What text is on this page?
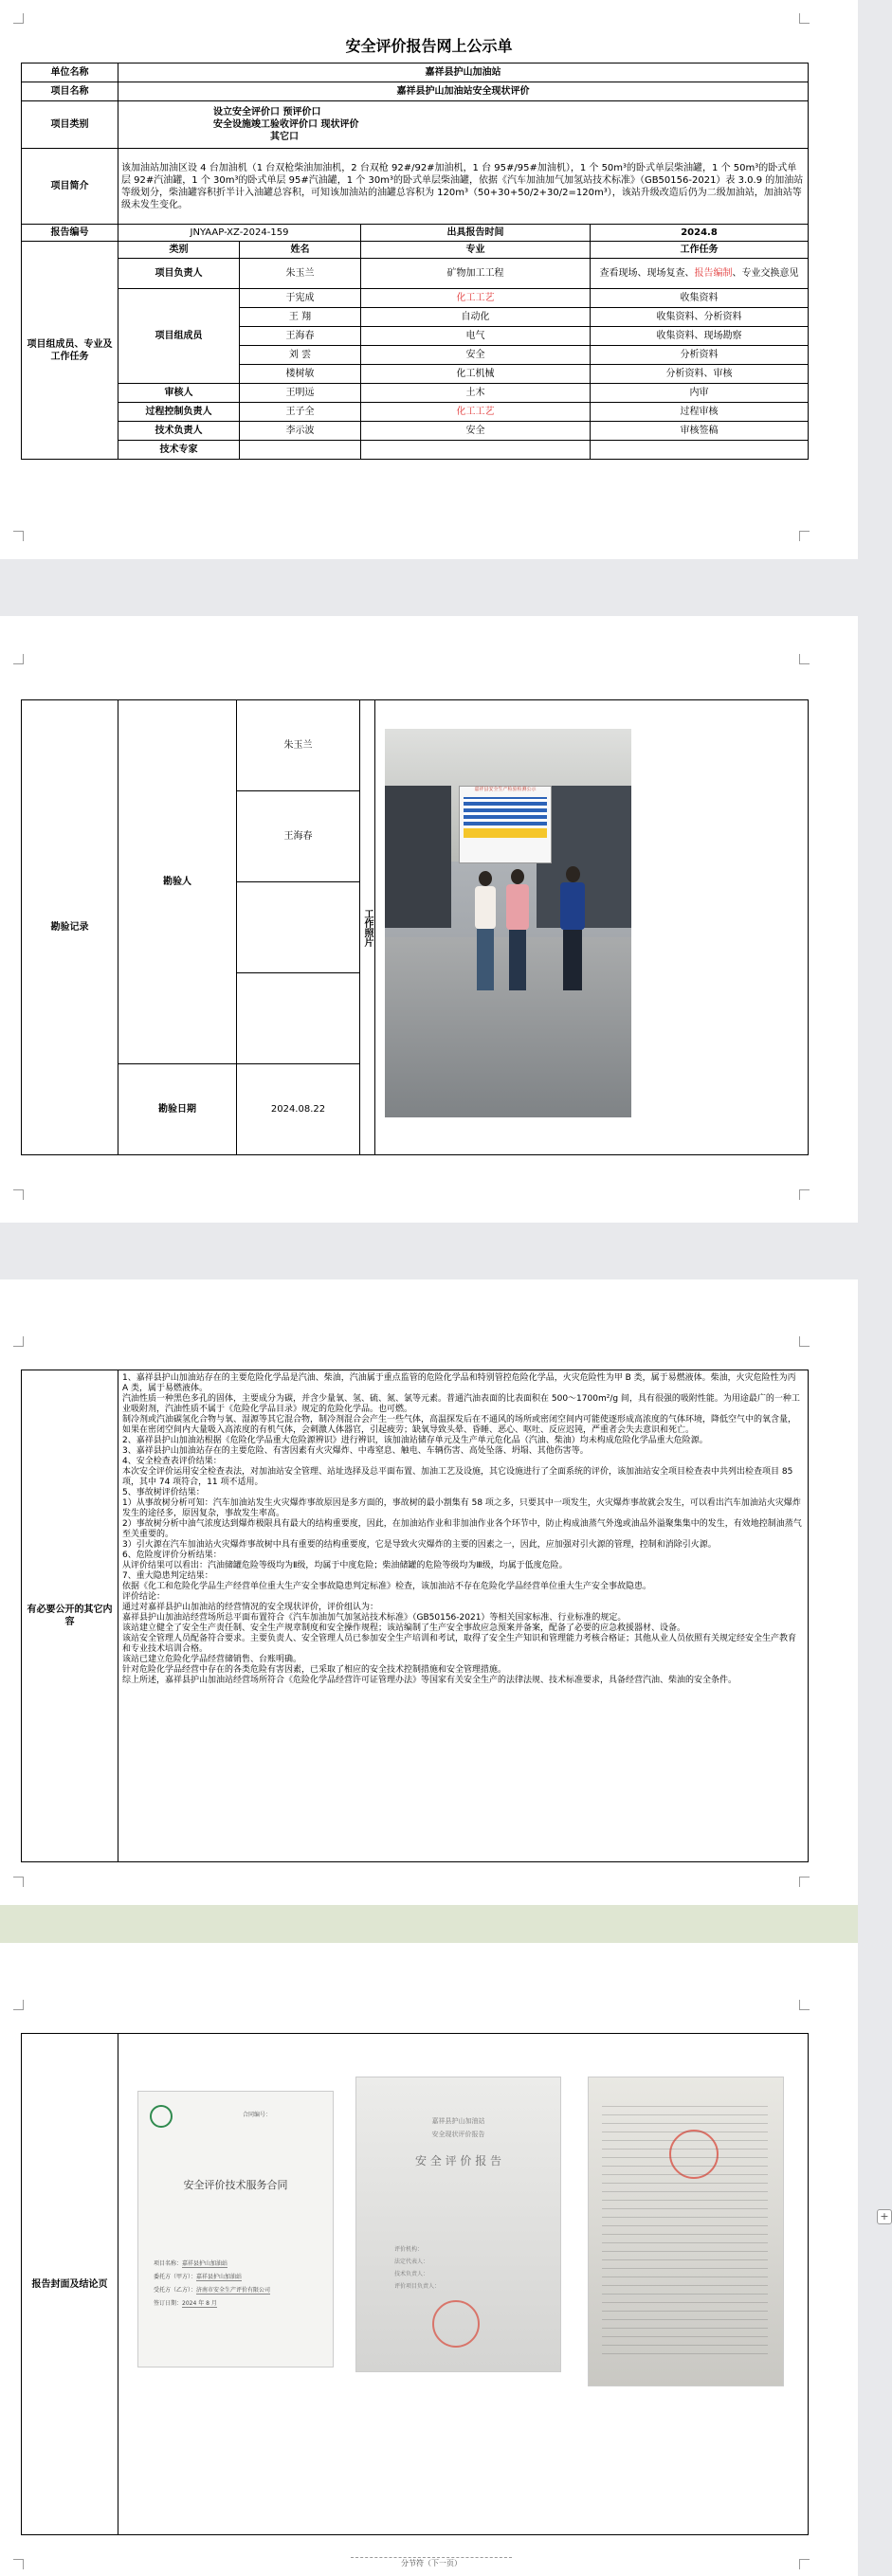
安全评价报告网上公示单
单位名称	嘉祥县护山加油站			
项目名称	嘉祥县护山加油站安全现状评价			
项目类别	设立安全评价口 预评价口
安全设施竣工验收评价口 现状评价
其它口			

项目简介	该加油站加油区设 4 台加油机（1 台双枪柴油加油机，2 台双枪 92#/92#加油机，1 台 95#/95#加油机），1 个 50m³的卧式单层柴油罐，1 个 50m³的卧式单层 92#汽油罐，1 个 30m³的卧式单层 95#汽油罐，1 个 30m³的卧式单层柴油罐，依据《汽车加油加气加氢站技术标准》（GB50156-2021）表 3.0.9 的加油站等级划分，柴油罐容积折半计入油罐总容积，可知该加油站的油罐总容积为 120m³（50+30+50/2+30/2=120m³），该站升级改造后仍为二级加油站，加油站等级未发生变化。			
报告编号	JNYAAP-XZ-2024-159		出具报告时间	2024.8
项目组成员、专业及工作任务	类别	姓名	专业	工作任务
	项目负责人	朱玉兰	矿物加工工程	查看现场、现场复查、报告编制、专业交换意见
	项目组成员	于宪成	化工工艺	收集资料
		王 翔	自动化	收集资料、分析资料
		王海春	电气	收集资料、现场勘察
		刘 雲	安全	分析资料
		楼树敏	化工机械	分析资料、审核
	审核人	王明远	土木	内审
	过程控制负责人	王子全	化工工艺	过程审核
	技术负责人	李示波	安全	审核签稿
	技术专家			
勘验记录	勘验人	朱玉兰	工作照片	嘉祥县安全生产检验检测公示

		王海春		

	勘验日期	2024.08.22		
有必要公开的其它内容	
1、嘉祥县护山加油站存在的主要危险化学品是汽油、柴油，汽油属于重点监管的危险化学品和特别管控危险化学品，火灾危险性为甲 B 类，属于易燃液体。柴油，火灾危险性为丙 A 类，属于易燃液体。
汽油性质一种黑色多孔的固体，主要成分为碳，并含少量氧、氢、硫、氮、氯等元素。普通汽油表面的比表面积在 500～1700m²/g 间，具有很强的吸附性能。为用途最广的一种工业吸附剂，汽油性质不属于《危险化学品目录》规定的危险化学品。也可燃。
制冷剂或汽油碳氢化合物与氧、湿源等其它混合物，制冷剂混合会产生一些气体，高温探发后在不通风的场所或密闭空间内可能使逐形成高浓度的气体环境，降低空气中的氧含量，如果在密闭空间内大量吸入高浓度的有机气体，会刺激人体器官，引起疲劳；缺氧导致头晕、昏睡、恶心、呕吐、反应迟钝，严重者会失去意识和死亡。
2、嘉祥县护山加油站根据《危险化学品重大危险源辨识》进行辨识，该加油站储存单元及生产单元危化品（汽油、柴油）均未构成危险化学品重大危险源。
3、嘉祥县护山加油站存在的主要危险、有害因素有火灾爆炸、中毒窒息、触电、车辆伤害、高处坠落、坍塌、其他伤害等。
4、安全检查表评价结果：
本次安全评价运用安全检查表法，对加油站安全管理、站址选择及总平面布置、加油工艺及设施，其它设施进行了全面系统的评价，该加油站安全项目检查表中共列出检查项目 85 项，其中 74 项符合，11 项不适用。
5、事故树评价结果：
1）从事故树分析可知：汽车加油站发生火灾爆炸事故原因是多方面的，事故树的最小割集有 58 项之多，只要其中一项发生，火灾爆炸事故就会发生，可以看出汽车加油站火灾爆炸发生的途径多，原因复杂，事故发生率高。
2）事故树分析中油气浓度达到爆炸极限具有最大的结构重要度，因此，在加油站作业和非加油作业各个环节中，防止构成油蒸气外逸或油品外溢聚集集中的发生，有效地控制油蒸气至关重要的。
3）引火源在汽车加油站火灾爆炸事故树中具有重要的结构重要度，它是导致火灾爆炸的主要的因素之一，因此，应加强对引火源的管理，控制和消除引火源。
6、危险度评价分析结果：
从评价结果可以看出：汽油储罐危险等级均为Ⅱ级，均属于中度危险；柴油储罐的危险等级均为Ⅲ级，均属于低度危险。
7、重大隐患判定结果：
依据《化工和危险化学品生产经营单位重大生产安全事故隐患判定标准》检查，该加油站不存在危险化学品经营单位重大生产安全事故隐患。
评价结论：
通过对嘉祥县护山加油站的经营情况的安全现状评价，评价组认为：
嘉祥县护山加油站经营场所总平面布置符合《汽车加油加气加氢站技术标准》（GB50156-2021）等相关国家标准、行业标准的规定。
该站建立健全了安全生产责任制、安全生产规章制度和安全操作规程；该站编制了生产安全事故应急预案并备案，配备了必要的应急救援器材、设备。
该站安全管理人员配备符合要求。主要负责人、安全管理人员已参加安全生产培训和考试，取得了安全生产知识和管理能力考核合格证；其他从业人员依照有关规定经安全生产教育和专业技术培训合格。
该站已建立危险化学品经营储销售、台账明确。
针对危险化学品经营中存在的各类危险有害因素，已采取了相应的安全技术控制措施和安全管理措施。
综上所述，嘉祥县护山加油站经营场所符合《危险化学品经营许可证管理办法》等国家有关安全生产的法律法规、技术标准要求，具备经营汽油、柴油的安全条件。
报告封面及结论页	
合同编号：
安全评价技术服务合同
项目名称：嘉祥县护山加油站
委托方（甲方）：嘉祥县护山加油站
受托方（乙方）：济南市安全生产评价有限公司
签订日期：2024 年 8 月
嘉祥县护山加油站
安全现状评价报告
安 全 评 价 报 告
评价机构：
法定代表人：
技术负责人：
评价项目负责人：
+
分节符（下一页）
